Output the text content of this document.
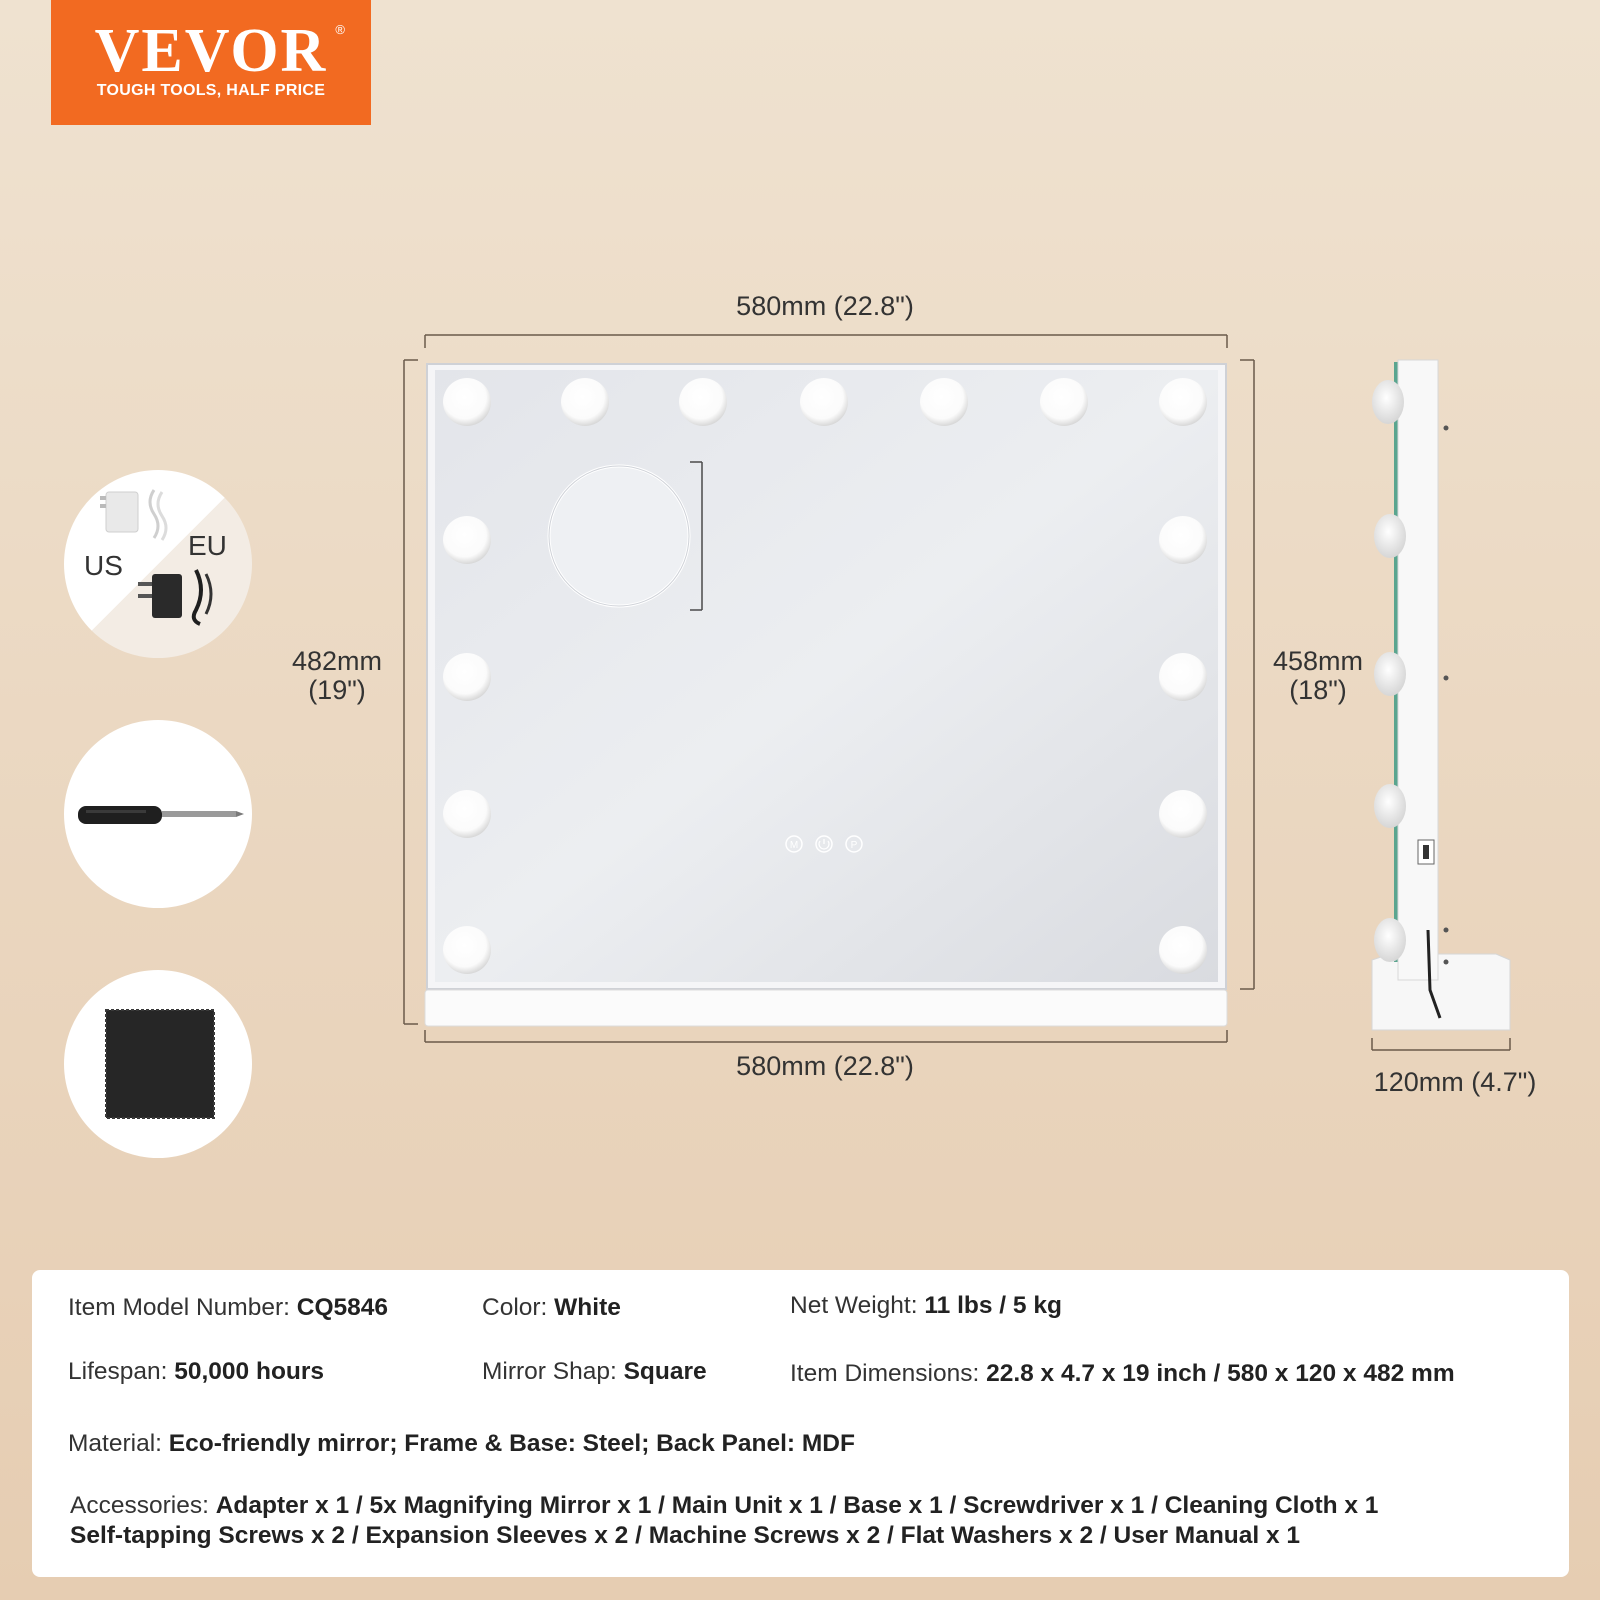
VEVOR ®
TOUGH TOOLS, HALF PRICE
US
EU
580mm (22.8")
580mm (22.8")
482mm
(19")
458mm
(18")
120mm (4.7")
M	P
Item Model Number: CQ5846	Color: White	Net Weight: 11 lbs / 5 kg
Lifespan: 50,000 hours	Mirror Shap: Square	Item Dimensions: 22.8 x 4.7 x 19 inch / 580 x 120 x 482 mm
Material: Eco-friendly mirror; Frame & Base: Steel; Back Panel: MDF
Accessories: Adapter x 1 / 5x Magnifying Mirror x 1 / Main Unit x 1 / Base x 1 / Screwdriver x 1 / Cleaning Cloth x 1
Self-tapping Screws x 2 / Expansion Sleeves x 2 / Machine Screws x 2 / Flat Washers x 2 / User Manual x 1
